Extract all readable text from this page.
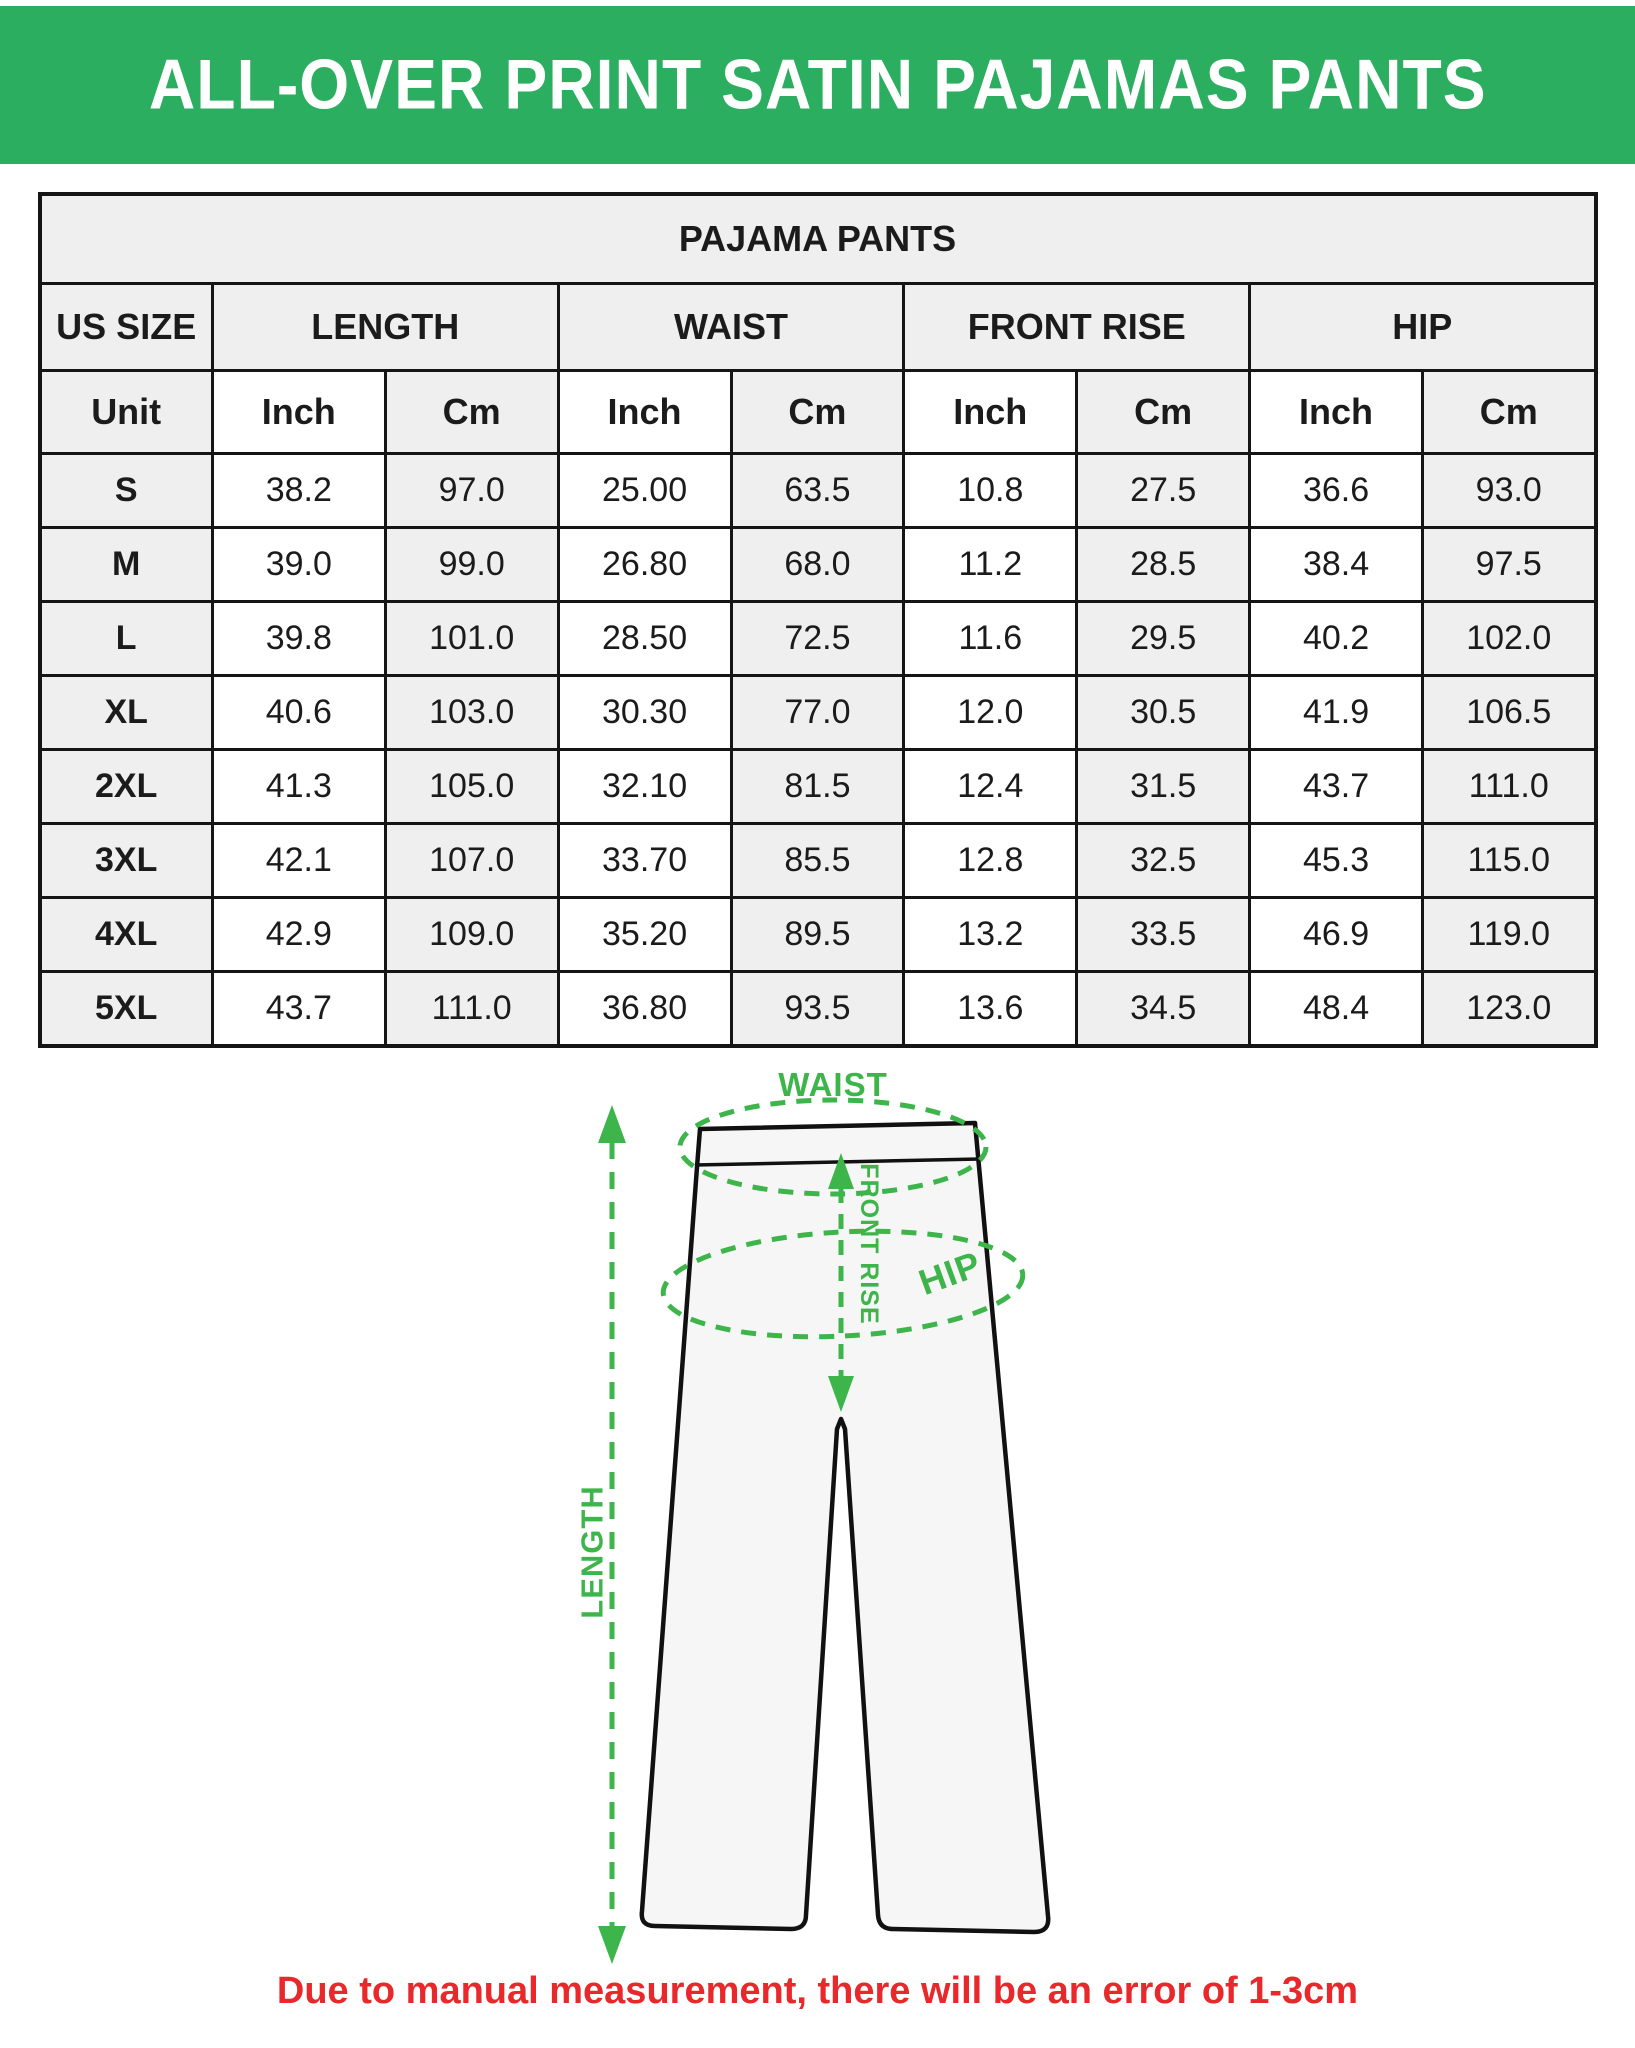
ALL-OVER PRINT SATIN PAJAMAS PANTS
PAJAMA PANTS								
US SIZE	LENGTH		WAIST		FRONT RISE		HIP	
Unit	Inch	Cm	Inch	Cm	Inch	Cm	Inch	Cm
S	38.2	97.0	25.00	63.5	10.8	27.5	36.6	93.0
M	39.0	99.0	26.80	68.0	11.2	28.5	38.4	97.5
L	39.8	101.0	28.50	72.5	11.6	29.5	40.2	102.0
XL	40.6	103.0	30.30	77.0	12.0	30.5	41.9	106.5
2XL	41.3	105.0	32.10	81.5	12.4	31.5	43.7	111.0
3XL	42.1	107.0	33.70	85.5	12.8	32.5	45.3	115.0
4XL	42.9	109.0	35.20	89.5	13.2	33.5	46.9	119.0
5XL	43.7	111.0	36.80	93.5	13.6	34.5	48.4	123.0
LENGTH
WAIST
FRONT RISE HIP
Due to manual measurement, there will be an error of 1-3cm
